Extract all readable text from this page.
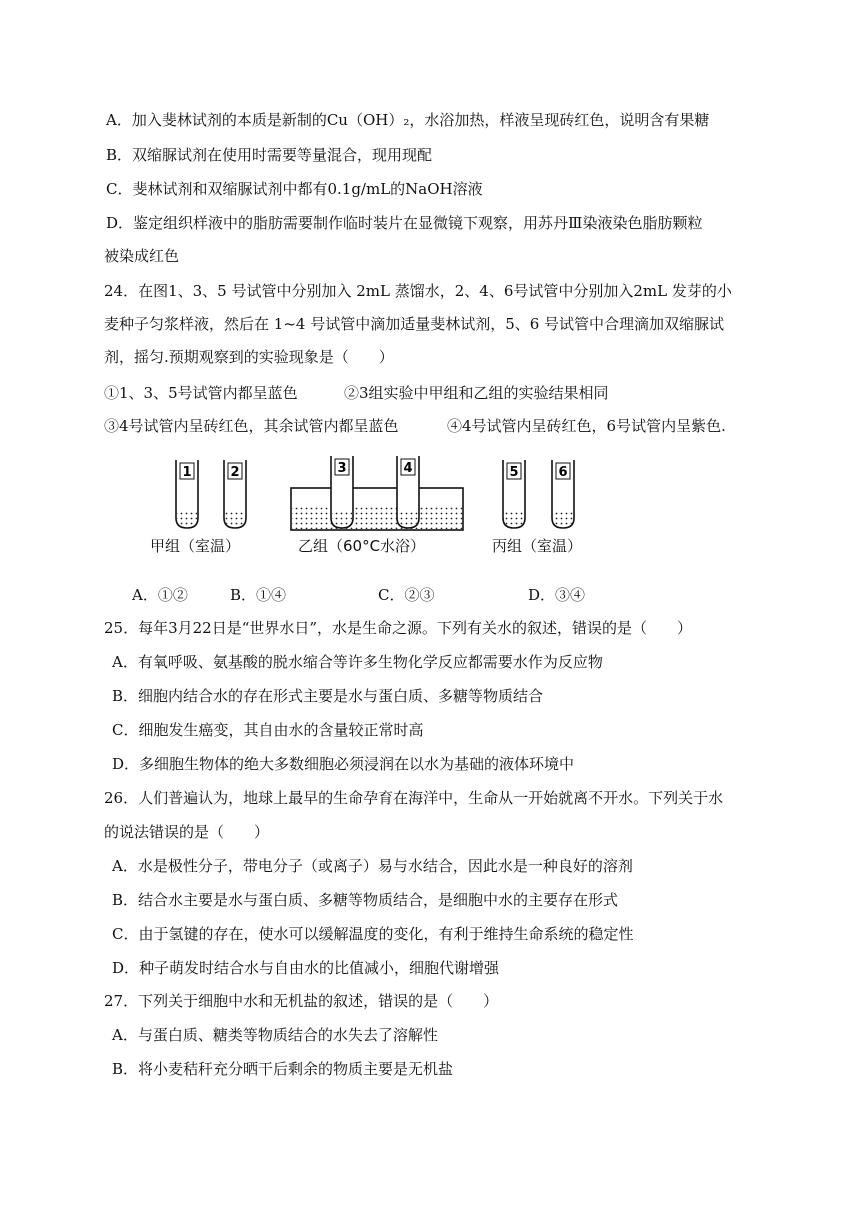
A．加入斐林试剂的本质是新制的Cu（OH）₂，水浴加热，样液呈现砖红色，说明含有果糖
B．双缩脲试剂在使用时需要等量混合，现用现配
C．斐林试剂和双缩脲试剂中都有0.1g/mL的NaOH溶液
D．鉴定组织样液中的脂肪需要制作临时装片在显微镜下观察，用苏丹Ⅲ染液染色脂肪颗粒
被染成红色
24．在图1、3、5 号试管中分别加入 2mL 蒸馏水，2、4、6号试管中分别加入2mL 发芽的小
麦种子匀浆样液，然后在 1~4 号试管中滴加适量斐林试剂，5、6 号试管中合理滴加双缩脲试
剂，摇匀.预期观察到的实验现象是（　　）
①1、3、5号试管内都呈蓝色	②3组实验中甲组和乙组的实验结果相同
③4号试管内呈砖红色，其余试管内都呈蓝色	④4号试管内呈砖红色，6号试管内呈紫色.
1	2	3	4	5	6
甲组（室温）	乙组（60°C水浴）	丙组（室温）
A．①②	B．①④	C．②③	D．③④
25．每年3月22日是“世界水日”，水是生命之源。下列有关水的叙述，错误的是（　　）
A．有氧呼吸、氨基酸的脱水缩合等许多生物化学反应都需要水作为反应物
B．细胞内结合水的存在形式主要是水与蛋白质、多糖等物质结合
C．细胞发生癌变，其自由水的含量较正常时高
D．多细胞生物体的绝大多数细胞必须浸润在以水为基础的液体环境中
26．人们普遍认为，地球上最早的生命孕育在海洋中，生命从一开始就离不开水。下列关于水
的说法错误的是（　　）
A．水是极性分子，带电分子（或离子）易与水结合，因此水是一种良好的溶剂
B．结合水主要是水与蛋白质、多糖等物质结合，是细胞中水的主要存在形式
C．由于氢键的存在，使水可以缓解温度的变化，有利于维持生命系统的稳定性
D．种子萌发时结合水与自由水的比值减小，细胞代谢增强
27．下列关于细胞中水和无机盐的叙述，错误的是（　　）
A．与蛋白质、糖类等物质结合的水失去了溶解性
B．将小麦秸秆充分晒干后剩余的物质主要是无机盐
